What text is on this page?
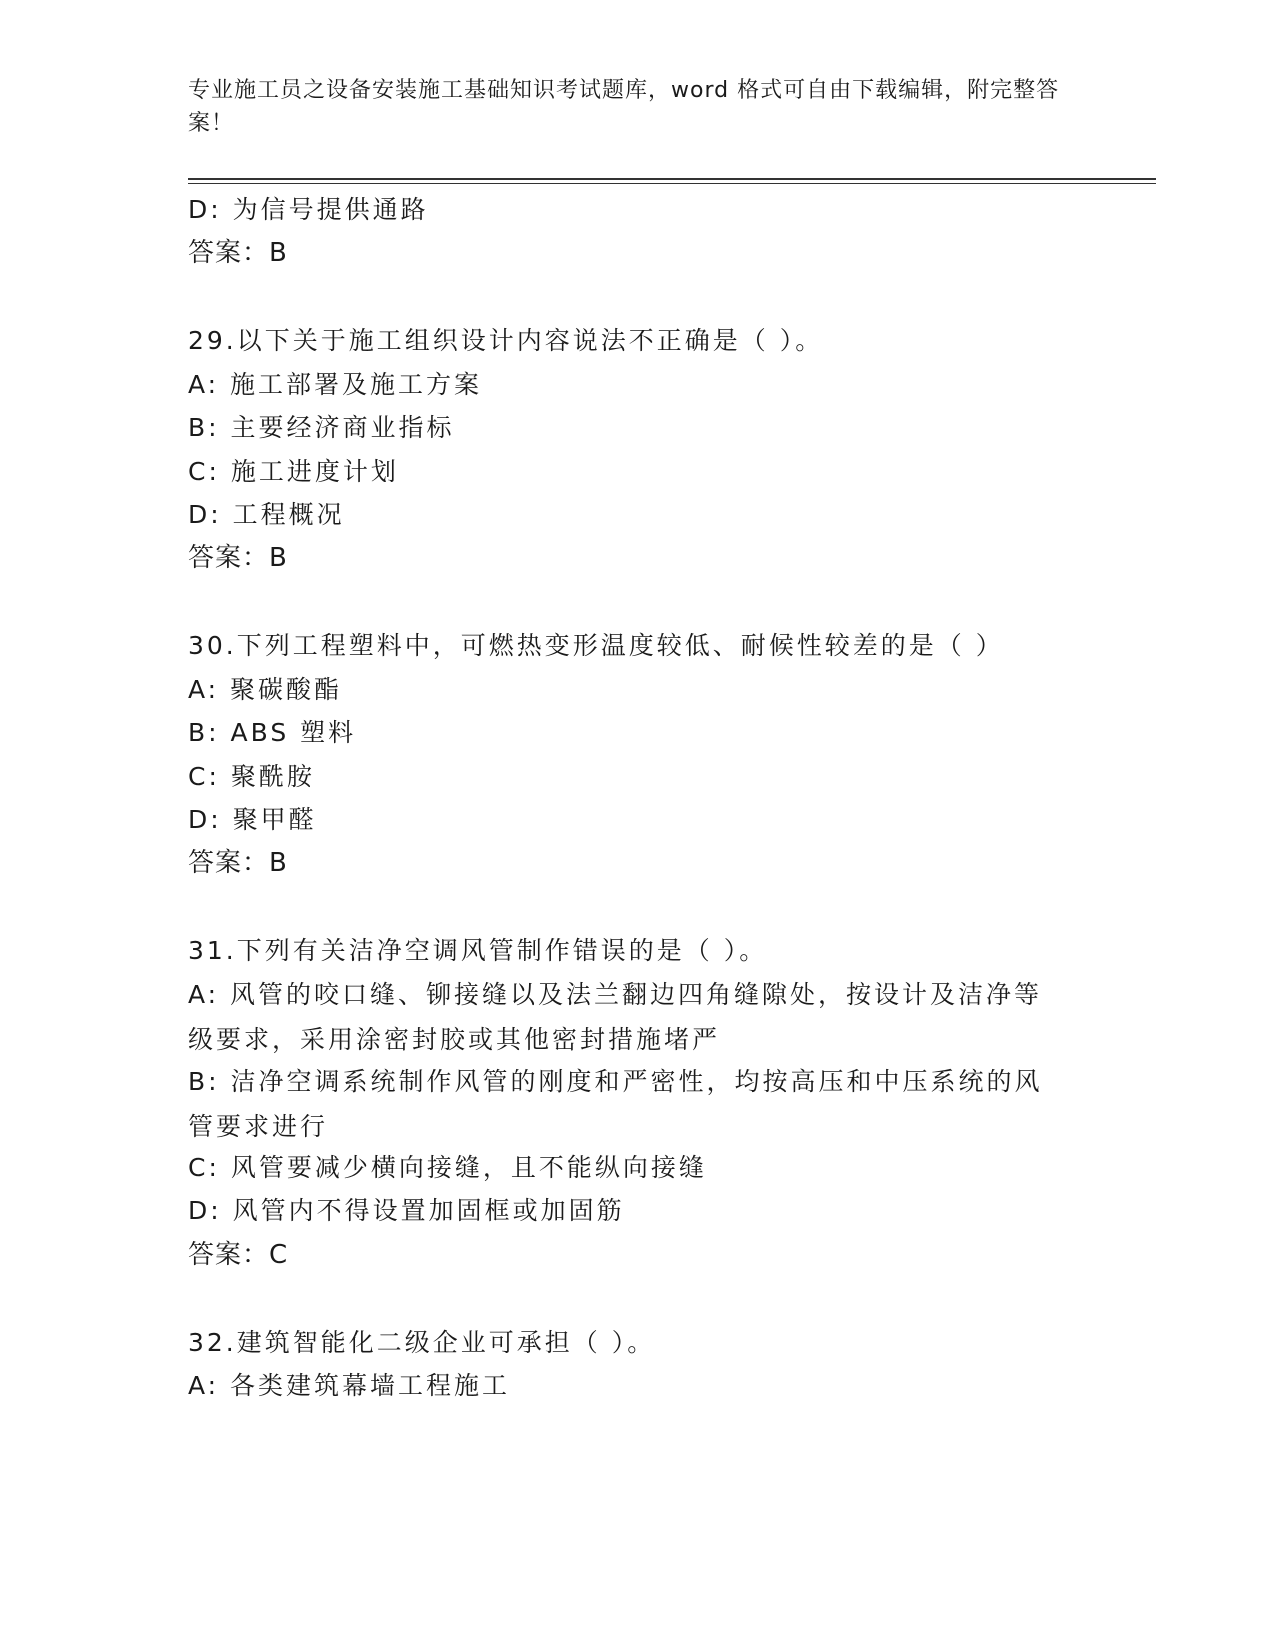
专业施工员之设备安装施工基础知识考试题库，word 格式可自由下载编辑，附完整答案！
D: 为信号提供通路
答案：B
29.以下关于施工组织设计内容说法不正确是（ ）。
A: 施工部署及施工方案
B: 主要经济商业指标
C: 施工进度计划
D: 工程概况
答案：B
30.下列工程塑料中，可燃热变形温度较低、耐候性较差的是（ ）
A: 聚碳酸酯
B: ABS 塑料
C: 聚酰胺
D: 聚甲醛
答案：B
31.下列有关洁净空调风管制作错误的是（ ）。
A: 风管的咬口缝、铆接缝以及法兰翻边四角缝隙处，按设计及洁净等级要求，采用涂密封胶或其他密封措施堵严
B: 洁净空调系统制作风管的刚度和严密性，均按高压和中压系统的风管要求进行
C: 风管要减少横向接缝，且不能纵向接缝
D: 风管内不得设置加固框或加固筋
答案：C
32.建筑智能化二级企业可承担（ ）。
A: 各类建筑幕墙工程施工
